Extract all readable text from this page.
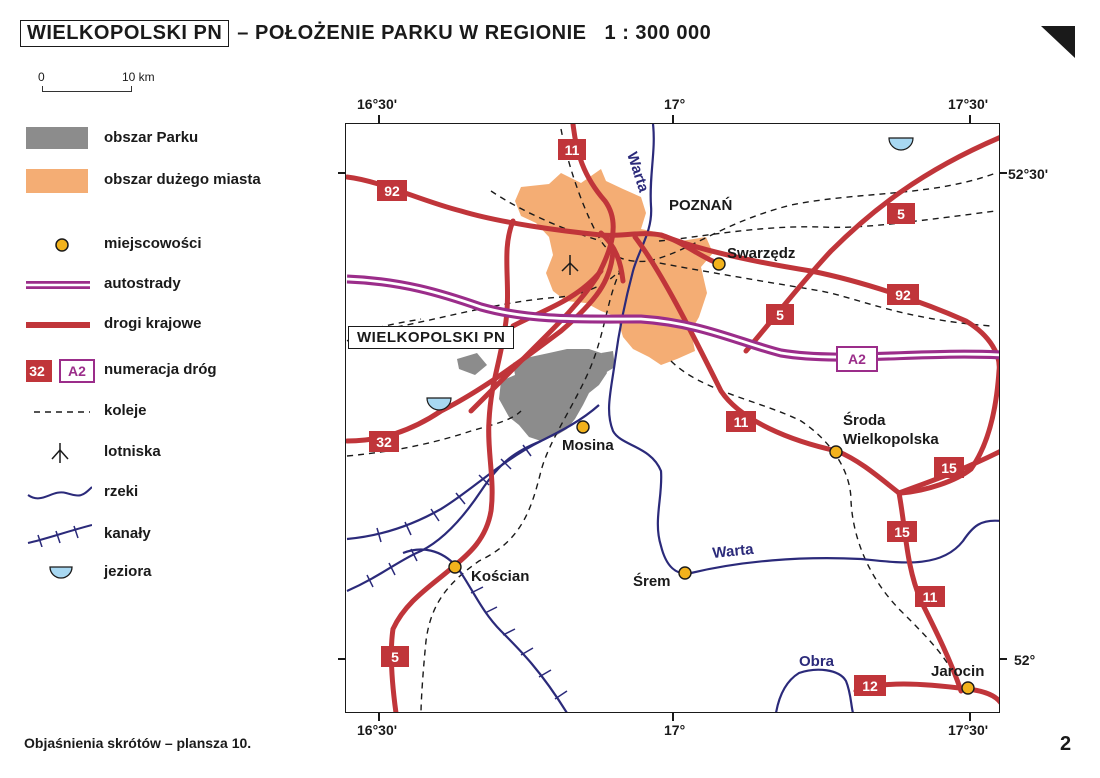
WIELKOPOLSKI PN – POŁOŻENIE PARKU W REGIONIE 1 : 300 000
0	10 km
obszar Parku
obszar dużego miasta
miejscowości
autostrady
drogi krajowe
32 A2 numeracja dróg
koleje
lotniska
rzeki
kanały
jeziora
16°30'	17°	17°30'
16°30'	17°	17°30'
52°30'
52°
11
92
5
92
5
A2
11
32
15
15
11
5
12
POZNAŃ
Swarzędz
Mosina
Środa
Wielkopolska
Kościan	Śrem
Jarocin
Warta
Warta
Obra
WIELKOPOLSKI PN
Objaśnienia skrótów – plansza 10.	2
